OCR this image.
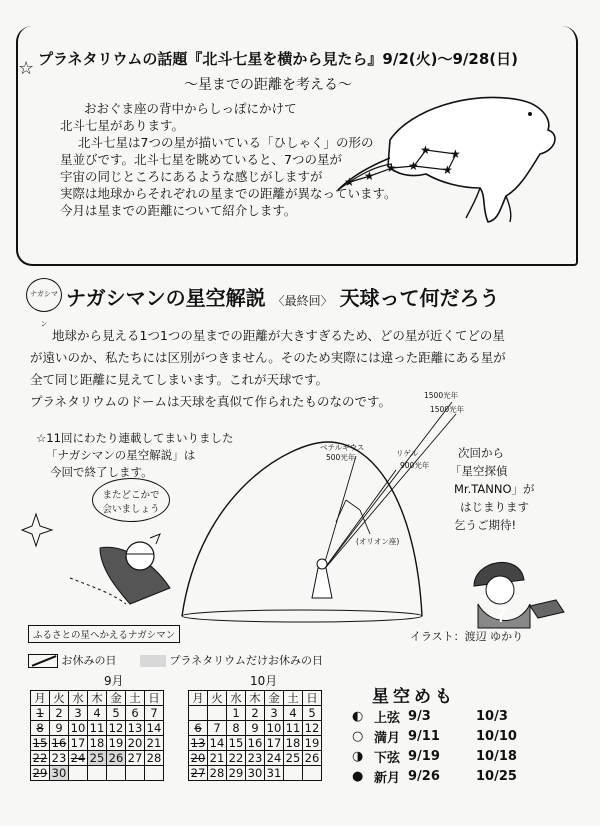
☆ プラネタリウムの話題『北斗七星を横から見たら』9/2(火)～9/28(日)
～星までの距離を考える～
おおぐま座の背中からしっぽにかけて
北斗七星があります。
北斗七星は7つの星が描いている「ひしゃく」の形の
星並びです。北斗七星を眺めていると、7つの星が
宇宙の同じところにあるような感じがしますが
実際は地球からそれぞれの星までの距離が異なっています。
今月は星までの距離について紹介します。
★ ★
★ ★
★ ★
★
ナガシマン
ナガシマンの星空解説 〈最終回〉 天球って何だろう
地球から見える1つ1つの星までの距離が大きすぎるため、どの星が近くてどの星
が遠いのか、私たちには区別がつきません。そのため実際には違った距離にある星が
全て同じ距離に見えてしまいます。これが天球です。
プラネタリウムのドームは天球を真似て作られたものなのです。	1500光年
1500光年
ベテルギウス
500光年	リゲル
900光年
(オリオン座)
☆11回にわたり連載してまいりました
「ナガシマンの星空解説」は
今回で終了します。
またどこかで
会いましょう
ふるさとの星へかえるナガシマン
次回から
「星空探偵
Mr.TANNO」が
はじまります
乞うご期待!
?
イラスト：渡辺 ゆかり
お休みの日	プラネタリウムだけお休みの日
9月	10月
月	火	水	木	金	土	日
1	2	3	4	5	6	7
8	9	10	11	12	13	14
15	16	17	18	19	20	21
22	23	24	25	26	27	28
29	30					
月	火	水	木	金	土	日
		1	2	3	4	5
6	7	8	9	10	11	12
13	14	15	16	17	18	19
20	21	22	23	24	25	26
27	28	29	30	31		
星空めも
◐ 上弦 9/3	10/3
○ 満月 9/11	10/10
◑ 下弦 9/19	10/18
● 新月 9/26	10/25
